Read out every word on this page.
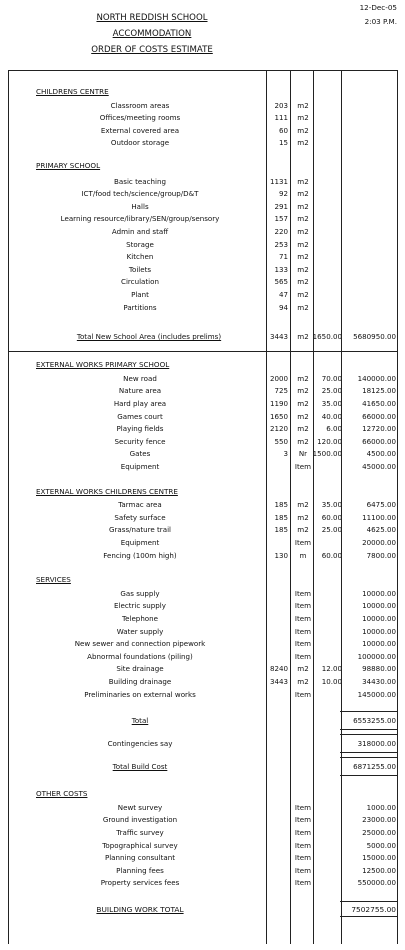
12-Dec-05
2:03 P.M.
NORTH REDDISH SCHOOL
ACCOMMODATION
ORDER OF COSTS ESTIMATE
CHILDRENS CENTRE
Classroom areas	203	m2
Offices/meeting rooms	111	m2
External covered area	60	m2
Outdoor storage	15	m2
PRIMARY SCHOOL
Basic teaching	1131	m2
ICT/food tech/science/group/D&T	92	m2
Halls	291	m2
Learning resource/library/SEN/group/sensory	157	m2
Admin and staff	220	m2
Storage	253	m2
Kitchen	71	m2
Toilets	133	m2
Circulation	565	m2
Plant	47	m2
Partitions	94	m2
Total New School Area (includes prelims)	3443	m2 1650.00	5680950.00
EXTERNAL WORKS PRIMARY SCHOOL
New road	2000	m2	70.00	140000.00
Nature area	725	m2	25.00	18125.00
Hard play area	1190	m2	35.00	41650.00
Games court	1650	m2	40.00	66000.00
Playing fields	2120	m2	6.00	12720.00
Security fence	550	m2	120.00	66000.00
Gates	3	Nr 1500.00	4500.00
Equipment	Item	45000.00
EXTERNAL WORKS CHILDRENS CENTRE
Tarmac area	185	m2	35.00	6475.00
Safety surface	185	m2	60.00	11100.00
Grass/nature trail	185	m2	25.00	4625.00
Equipment	Item	20000.00
Fencing (100m high)	130	m	60.00	7800.00
SERVICES
Gas supply	Item	10000.00
Electric supply	Item	10000.00
Telephone	Item	10000.00
Water supply	Item	10000.00
New sewer and connection pipework	Item	10000.00
Abnormal foundations (piling)	Item	100000.00
Site drainage	8240	m2	12.00	98880.00
Building drainage	3443	m2	10.00	34430.00
Preliminaries on external works	Item	145000.00
Total	6553255.00
Contingencies say	318000.00
Total Build Cost	6871255.00
OTHER COSTS
Newt survey	Item	1000.00
Ground investigation	Item	23000.00
Traffic survey	Item	25000.00
Topographical survey	Item	5000.00
Planning consultant	Item	15000.00
Planning fees	Item	12500.00
Property services fees	Item	550000.00
BUILDING WORK TOTAL	7502755.00
